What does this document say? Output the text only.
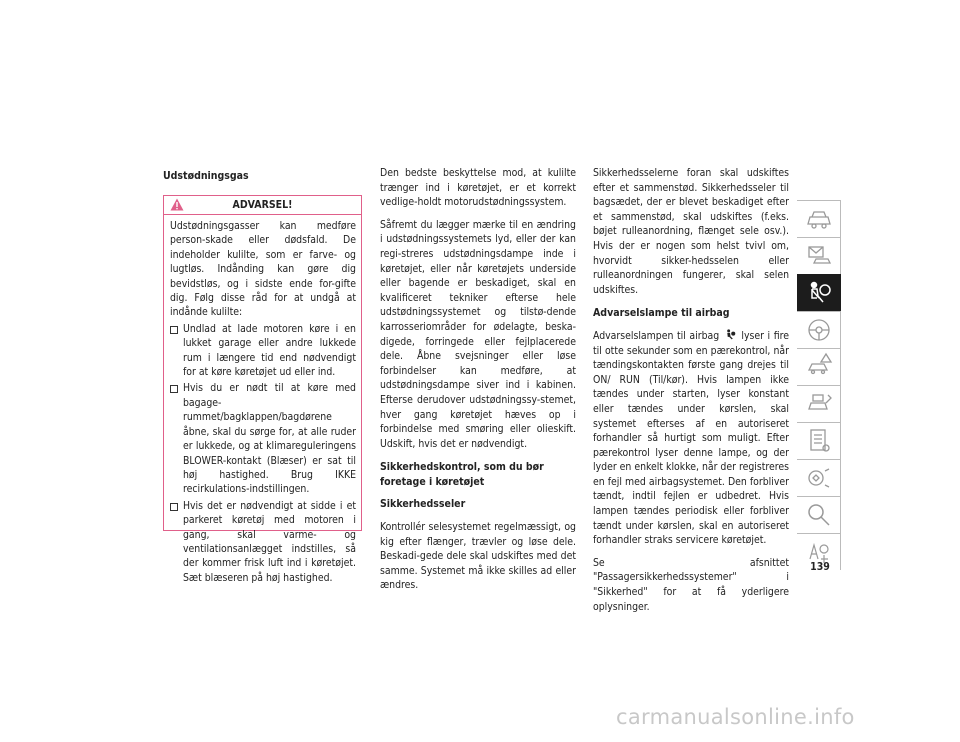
Udstødningsgas
ADVARSEL!

Udstødningsgasser kan medføre person-skade eller dødsfald. De indeholder kulilte, som er farve- og lugtløs. Indånding kan gøre dig bevidstløs, og i sidste ende for-gifte dig. Følg disse råd for at undgå at indånde kulilte:

Undlad at lade motoren køre i en lukket garage eller andre lukkede rum i længere tid end nødvendigt for at køre køretøjet ud eller ind.
Hvis du er nødt til at køre med bagage-rummet/bagklappen/bagdørene åbne, skal du sørge for, at alle ruder er lukkede, og at klimareguleringens BLOWER-kontakt (Blæser) er sat til høj hastighed. Brug IKKE recirkulations-indstillingen.
Hvis det er nødvendigt at sidde i et parkeret køretøj med motoren i gang, skal varme- og ventilationsanlægget indstilles, så der kommer frisk luft ind i køretøjet. Sæt blæseren på høj hastighed.

Den bedste beskyttelse mod, at kulilte trænger ind i køretøjet, er et korrekt vedlige-holdt motorudstødningssystem.

Såfremt du lægger mærke til en ændring i udstødningssystemets lyd, eller der kan regi-streres udstødningsdampe inde i køretøjet, eller når køretøjets underside eller bagende er beskadiget, skal en kvalificeret tekniker efterse hele udstødningssystemet og tilstø-dende karrosseriområder for ødelagte, beska-digede, forringede eller fejlplacerede dele. Åbne svejsninger eller løse forbindelser kan medføre, at udstødningsdampe siver ind i kabinen. Efterse derudover udstødningssy-stemet, hver gang køretøjet hæves op i forbindelse med smøring eller olieskift. Udskift, hvis det er nødvendigt.

Sikkerhedskontrol, som du bør foretage i køretøjet
Sikkerhedsseler

Kontrollér selesystemet regelmæssigt, og kig efter flænger, trævler og løse dele. Beskadi-gede dele skal udskiftes med det samme. Systemet må ikke skilles ad eller ændres.

Sikkerhedsselerne foran skal udskiftes efter et sammenstød. Sikkerhedsseler til bagsædet, der er blevet beskadiget efter et sammenstød, skal udskiftes (f.eks. bøjet rulleanordning, flænget sele osv.). Hvis der er nogen som helst tvivl om, hvorvidt sikker-hedsselen eller rulleanordningen fungerer, skal selen udskiftes.

Advarselslampe til airbag

Advarselslampen til airbag lyser i fire til otte sekunder som en pærekontrol, når tændingskontakten første gang drejes til ON/ RUN (Til/kør). Hvis lampen ikke tændes under starten, lyser konstant eller tændes under kørslen, skal systemet efterses af en autoriseret forhandler så hurtigt som muligt. Efter pærekontrol lyser denne lampe, og der lyder en enkelt klokke, når der registreres en fejl med airbagsystemet. Den forbliver tændt, indtil fejlen er udbedret. Hvis lampen tændes periodisk eller forbliver tændt under kørslen, skal en autoriseret forhandler straks servicere køretøjet.

Se afsnittet "Passagersikkerhedssystemer" i "Sikkerhed" for at få yderligere oplysninger.

139
carmanualsonline.info
